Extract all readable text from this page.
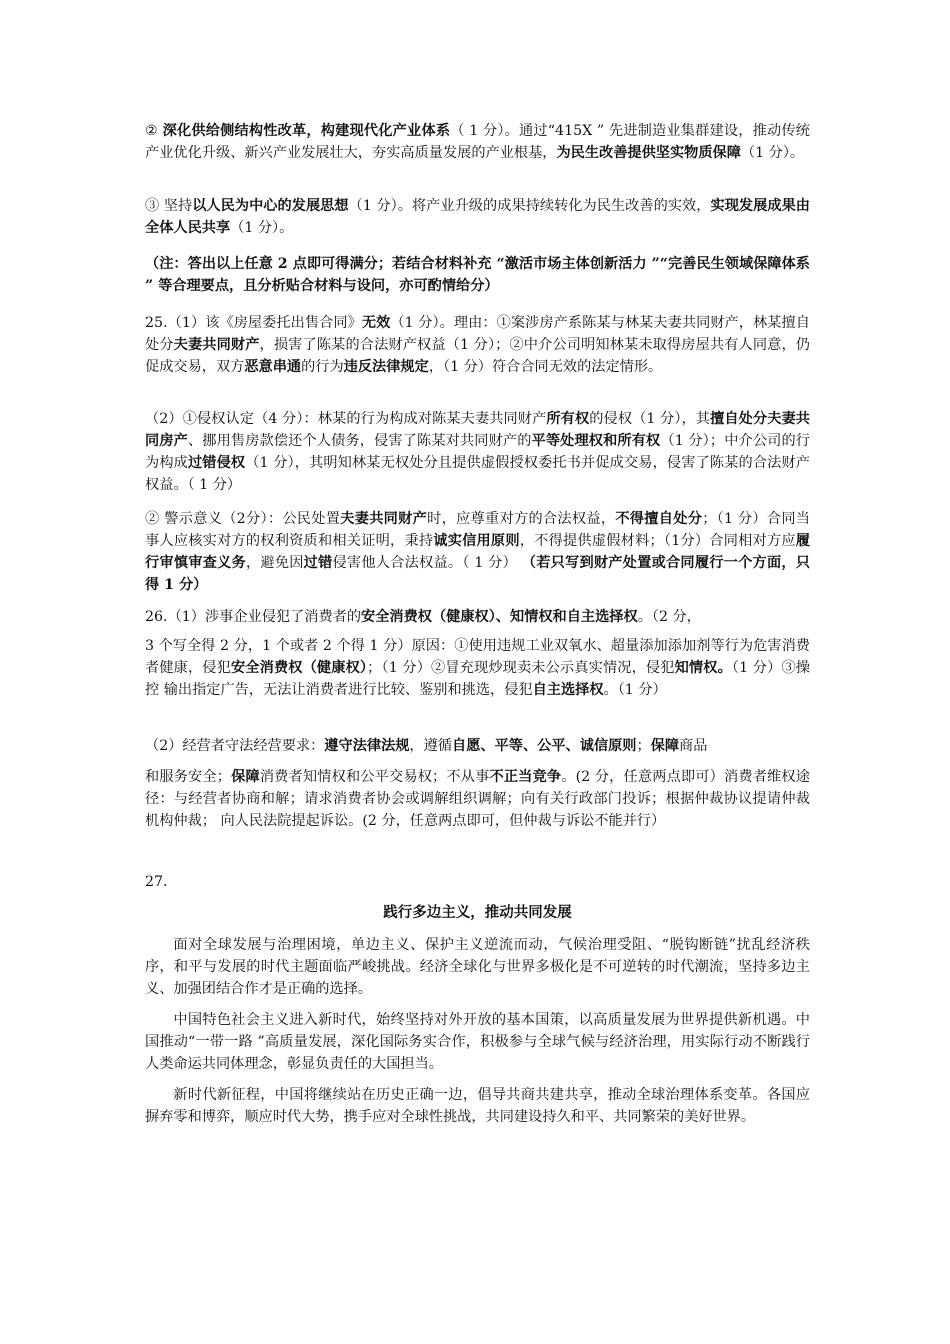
② 深化供给侧结构性改革，构建现代化产业体系（ 1 分）。通过“415X ” 先进制造业集群建设，推动传统产业优化升级、新兴产业发展壮大，夯实高质量发展的产业根基，为民生改善提供坚实物质保障（1 分）。

③ 坚持以人民为中心的发展思想（1 分）。将产业升级的成果持续转化为民生改善的实效，实现发展成果由全体人民共享（1 分）。

（注：答出以上任意 2 点即可得满分；若结合材料补充 “激活市场主体创新活力 ”“完善民生领域保障体系 ” 等合理要点，且分析贴合材料与设问，亦可酌情给分）

25.（1）该《房屋委托出售合同》无效（1 分）。理由：①案涉房产系陈某与林某夫妻共同财产，林某擅自处分夫妻共同财产，损害了陈某的合法财产权益（1 分）；②中介公司明知林某未取得房屋共有人同意，仍促成交易，双方恶意串通的行为违反法律规定，（1 分）符合合同无效的法定情形。

（2）①侵权认定（4 分）：林某的行为构成对陈某夫妻共同财产所有权的侵权（1 分），其擅自处分夫妻共同房产、挪用售房款偿还个人债务，侵害了陈某对共同财产的平等处理权和所有权（1 分）；中介公司的行为构成过错侵权（1 分），其明知林某无权处分且提供虚假授权委托书并促成交易，侵害了陈某的合法财产权益。（ 1 分）

② 警示意义（2分）：公民处置夫妻共同财产时，应尊重对方的合法权益，不得擅自处分；（1 分）合同当事人应核实对方的权利资质和相关证明，秉持诚实信用原则，不得提供虚假材料；（1分）合同相对方应履行审慎审查义务，避免因过错侵害他人合法权益。（ 1 分） （若只写到财产处置或合同履行一个方面，只得 1 分）

26.（1）涉事企业侵犯了消费者的安全消费权（健康权）、知情权和自主选择权。（2 分，

3 个写全得 2 分，1 个或者 2 个得 1 分）原因：①使用违规工业双氧水、超量添加添加剂等行为危害消费者健康，侵犯安全消费权（健康权）；（1 分）②冒充现炒现卖未公示真实情况，侵犯知情权。（1 分）③操控 输出指定广告，无法让消费者进行比较、鉴别和挑选，侵犯自主选择权。（1 分）

（2）经营者守法经营要求：遵守法律法规，遵循自愿、平等、公平、诚信原则；保障商品

和服务安全；保障消费者知情权和公平交易权；不从事不正当竞争。(2 分，任意两点即可）消费者维权途径：与经营者协商和解；请求消费者协会或调解组织调解；向有关行政部门投诉；根据仲裁协议提请仲裁机构仲裁； 向人民法院提起诉讼。(2 分，任意两点即可，但仲裁与诉讼不能并行）

27.

践行多边主义，推动共同发展

面对全球发展与治理困境，单边主义、保护主义逆流而动，气候治理受阻、“脱钩断链”扰乱经济秩序，和平与发展的时代主题面临严峻挑战。经济全球化与世界多极化是不可逆转的时代潮流，坚持多边主义、加强团结合作才是正确的选择。

中国特色社会主义进入新时代，始终坚持对外开放的基本国策，以高质量发展为世界提供新机遇。中国推动“一带一路 ”高质量发展，深化国际务实合作，积极参与全球气候与经济治理，用实际行动不断践行人类命运共同体理念，彰显负责任的大国担当。

新时代新征程，中国将继续站在历史正确一边，倡导共商共建共享，推动全球治理体系变革。各国应摒弃零和博弈，顺应时代大势，携手应对全球性挑战，共同建设持久和平、共同繁荣的美好世界。
